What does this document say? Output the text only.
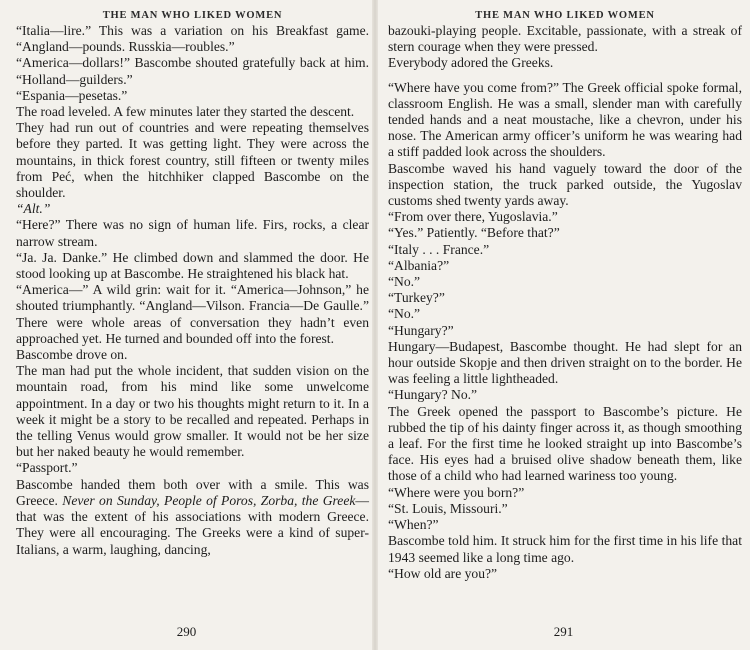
THE MAN WHO LIKED WOMEN

“Italia—lire.” This was a variation on his Breakfast game. “Angland—pounds. Russkia—roubles.”

“America—dollars!” Bascombe shouted gratefully back at him. “Holland—guilders.”

“Espania—pesetas.”

The road leveled. A few minutes later they started the descent.

They had run out of countries and were repeating themselves before they parted. It was getting light. They were across the mountains, in thick forest country, still fifteen or twenty miles from Peć, when the hitchhiker clapped Bascombe on the shoulder.

“Alt.”

“Here?” There was no sign of human life. Firs, rocks, a clear narrow stream.

“Ja. Ja. Danke.” He climbed down and slammed the door. He stood looking up at Bascombe. He straightened his black hat.

“America—” A wild grin: wait for it. “America—Johnson,” he shouted triumphantly. “Angland—Vilson. Francia—De Gaulle.” There were whole areas of conversation they hadn’t even approached yet. He turned and bounded off into the forest.

Bascombe drove on.

The man had put the whole incident, that sudden vision on the mountain road, from his mind like some unwelcome appointment. In a day or two his thoughts might return to it. In a week it might be a story to be recalled and repeated. Perhaps in the telling Venus would grow smaller. It would not be her size but her naked beauty he would remember.

“Passport.”

Bascombe handed them both over with a smile. This was Greece. Never on Sunday, People of Poros, Zorba, the Greek—that was the extent of his associations with modern Greece. They were all encouraging. The Greeks were a kind of super-Italians, a warm, laughing, dancing,

290
THE MAN WHO LIKED WOMEN

bazouki-playing people. Excitable, passionate, with a streak of stern courage when they were pressed.

Everybody adored the Greeks.

“Where have you come from?” The Greek official spoke formal, classroom English. He was a small, slender man with carefully tended hands and a neat moustache, like a chevron, under his nose. The American army officer’s uniform he was wearing had a stiff padded look across the shoulders.

Bascombe waved his hand vaguely toward the door of the inspection station, the truck parked outside, the Yugoslav customs shed twenty yards away.

“From over there, Yugoslavia.”

“Yes.” Patiently. “Before that?”

“Italy . . . France.”

“Albania?”

“No.”

“Turkey?”

“No.”

“Hungary?”

Hungary—Budapest, Bascombe thought. He had slept for an hour outside Skopje and then driven straight on to the border. He was feeling a little lightheaded.

“Hungary? No.”

The Greek opened the passport to Bascombe’s picture. He rubbed the tip of his dainty finger across it, as though smoothing a leaf. For the first time he looked straight up into Bascombe’s face. His eyes had a bruised olive shadow beneath them, like those of a child who had learned wariness too young.

“Where were you born?”

“St. Louis, Missouri.”

“When?”

Bascombe told him. It struck him for the first time in his life that 1943 seemed like a long time ago.

“How old are you?”

291
